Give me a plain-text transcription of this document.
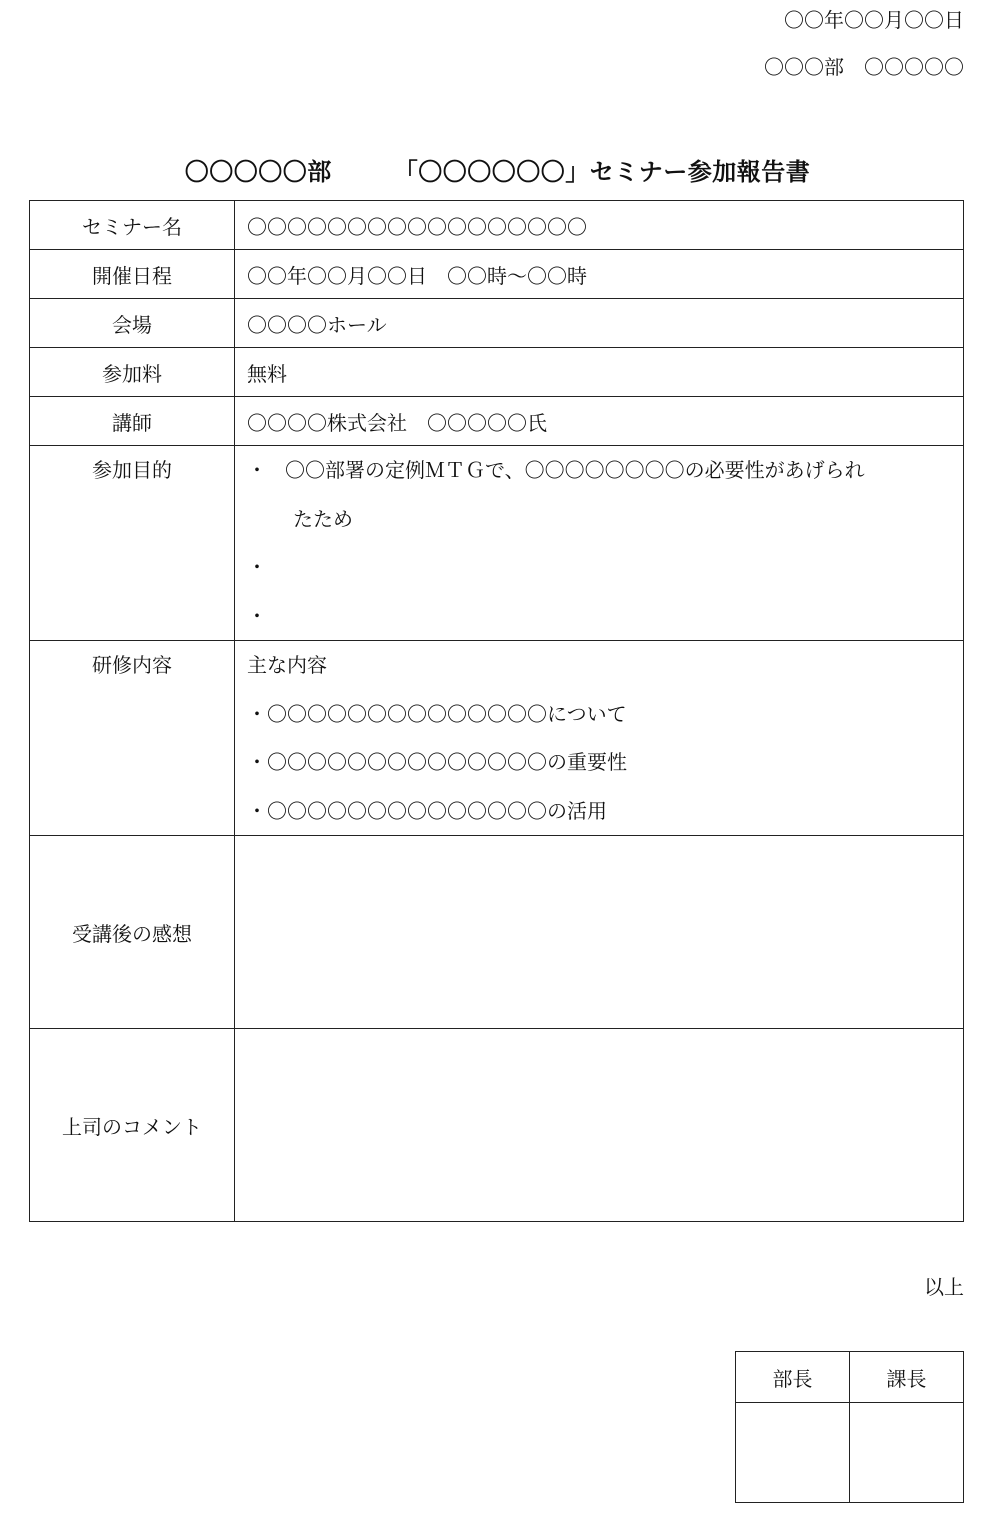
〇〇年〇〇月〇〇日
〇〇〇部　〇〇〇〇〇
〇〇〇〇〇部	「〇〇〇〇〇〇」セミナー参加報告書
セミナー名	〇〇〇〇〇〇〇〇〇〇〇〇〇〇〇〇〇
開催日程	〇〇年〇〇月〇〇日　〇〇時～〇〇時
会場	〇〇〇〇ホール
参加料	無料
講師	〇〇〇〇株式会社　〇〇〇〇〇氏

参加目的	・ 〇〇部署の定例ＭＴＧで、〇〇〇〇〇〇〇〇の必要性があげられ
たため
・
・

研修内容	主な内容
・〇〇〇〇〇〇〇〇〇〇〇〇〇〇について
・〇〇〇〇〇〇〇〇〇〇〇〇〇〇の重要性
・〇〇〇〇〇〇〇〇〇〇〇〇〇〇の活用

受講後の感想	
上司のコメント	
以上
部長	課長
